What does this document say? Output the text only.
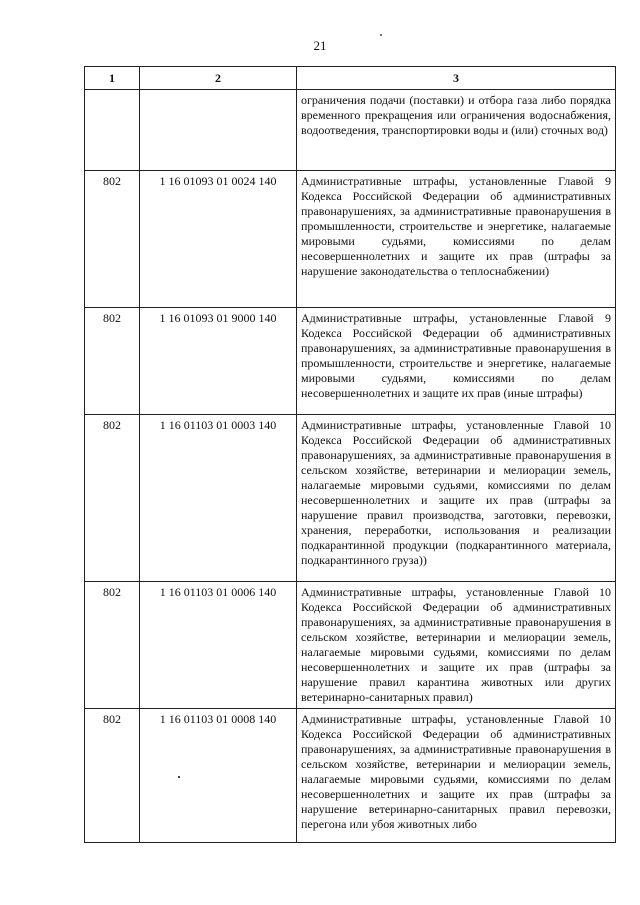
21
1	2	3
		ограничения подачи (поставки) и отбора газа либо порядка временного прекращения или ограничения водоснабжения, водоотведения, транспортировки воды и (или) сточных вод)
802	1 16 01093 01 0024 140	Административные штрафы, установленные Главой 9 Кодекса Российской Федерации об административных правонарушениях, за административные правонарушения в промышленности, строительстве и энергетике, налагаемые мировыми судьями, комиссиями по делам несовершеннолетних и защите их прав (штрафы за нарушение законодательства о теплоснабжении)
802	1 16 01093 01 9000 140	Административные штрафы, установленные Главой 9 Кодекса Российской Федерации об административных правонарушениях, за административные правонарушения в промышленности, строительстве и энергетике, налагаемые мировыми судьями, комиссиями по делам несовершеннолетних и защите их прав (иные штрафы)
802	1 16 01103 01 0003 140	Административные штрафы, установленные Главой 10 Кодекса Российской Федерации об административных правонарушениях, за административные правонарушения в сельском хозяйстве, ветеринарии и мелиорации земель, налагаемые мировыми судьями, комиссиями по делам несовершеннолетних и защите их прав (штрафы за нарушение правил производства, заготовки, перевозки, хранения, переработки, использования и реализации подкарантинной продукции (подкарантинного материала, подкарантинного груза))
802	1 16 01103 01 0006 140	Административные штрафы, установленные Главой 10 Кодекса Российской Федерации об административных правонарушениях, за административные правонарушения в сельском хозяйстве, ветеринарии и мелиорации земель, налагаемые мировыми судьями, комиссиями по делам несовершеннолетних и защите их прав (штрафы за нарушение правил карантина животных или других ветеринарно-санитарных правил)
802	1 16 01103 01 0008 140	Административные штрафы, установленные Главой 10 Кодекса Российской Федерации об административных правонарушениях, за административные правонарушения в сельском хозяйстве, ветеринарии и мелиорации земель, налагаемые мировыми судьями, комиссиями по делам несовершеннолетних и защите их прав (штрафы за нарушение ветеринарно-санитарных правил перевозки, перегона или убоя животных либо
